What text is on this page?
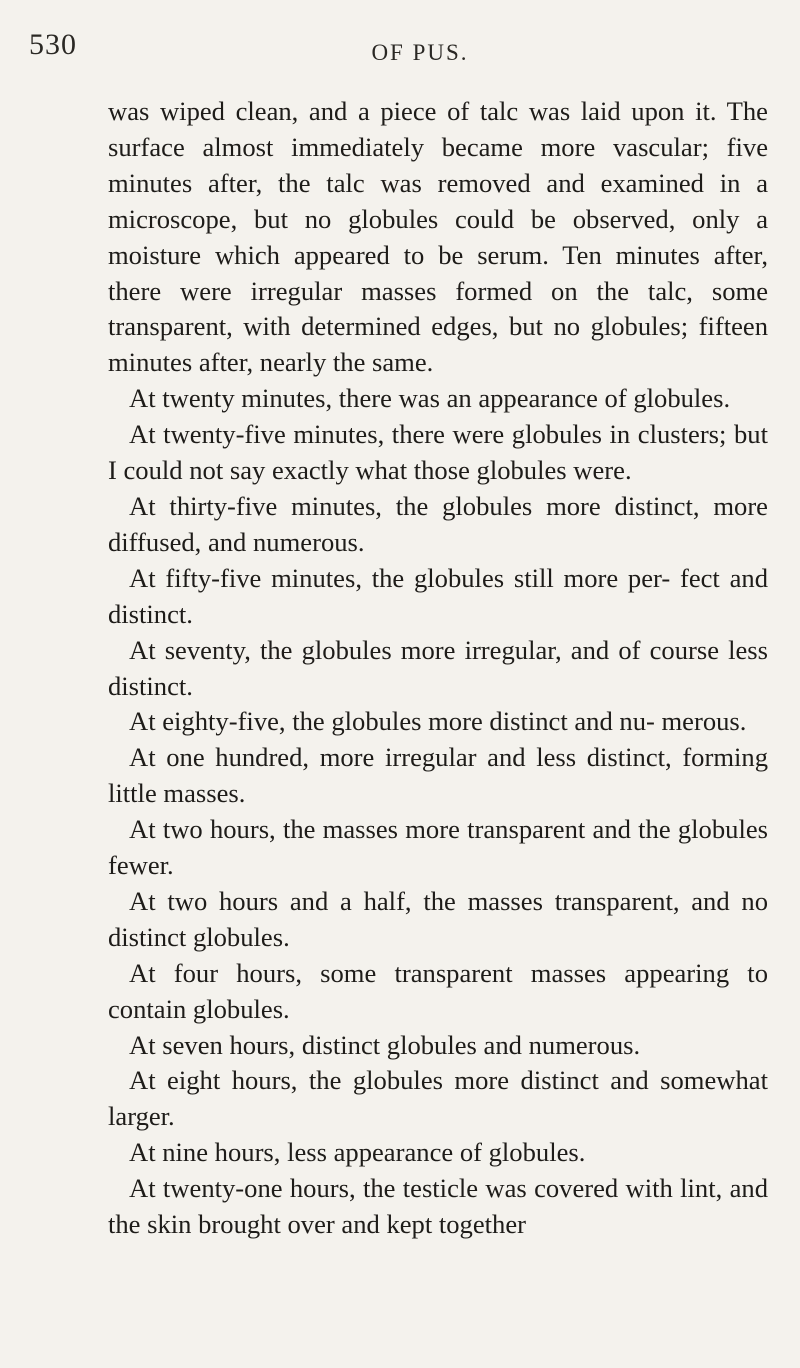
530	OF PUS.

was wiped clean, and a piece of talc was laid upon it. The surface almost immediately became more vascular; five minutes after, the talc was removed and examined in a microscope, but no globules could be observed, only a moisture which appeared to be serum. Ten minutes after, there were irregular masses formed on the talc, some transparent, with determined edges, but no globules; fifteen minutes after, nearly the same.

At twenty minutes, there was an appearance of globules.

At twenty-five minutes, there were globules in clusters; but I could not say exactly what those globules were.

At thirty-five minutes, the globules more distinct, more diffused, and numerous.

At fifty-five minutes, the globules still more per- fect and distinct.

At seventy, the globules more irregular, and of course less distinct.

At eighty-five, the globules more distinct and nu- merous.

At one hundred, more irregular and less distinct, forming little masses.

At two hours, the masses more transparent and the globules fewer.

At two hours and a half, the masses transparent, and no distinct globules.

At four hours, some transparent masses appearing to contain globules.

At seven hours, distinct globules and numerous.

At eight hours, the globules more distinct and somewhat larger.

At nine hours, less appearance of globules.

At twenty-one hours, the testicle was covered with lint, and the skin brought over and kept together
